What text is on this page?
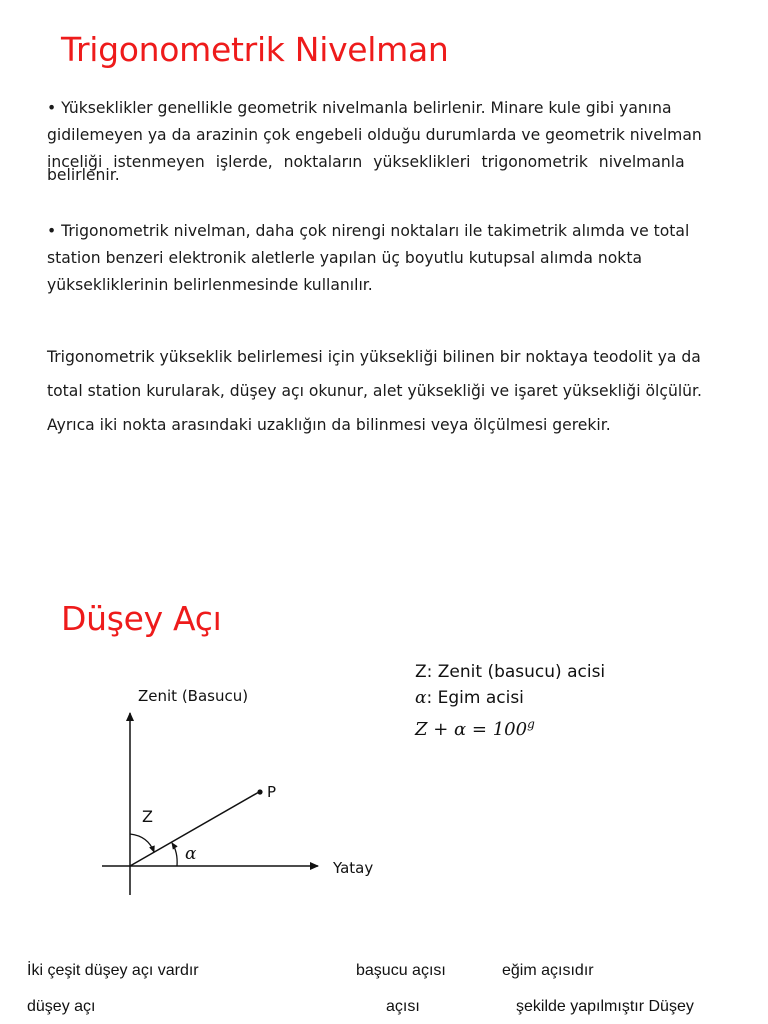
Trigonometrik Nivelman
• Yükseklikler genellikle geometrik nivelmanla belirlenir. Minare kule gibi yanına
gidilemeyen ya da arazinin çok engebeli olduğu durumlarda ve geometrik nivelman
inceliği istenmeyen işlerde, noktaların yükseklikleri trigonometrik nivelmanla
belirlenir.
• Trigonometrik nivelman, daha çok nirengi noktaları ile takimetrik alımda ve total
station benzeri elektronik aletlerle yapılan üç boyutlu kutupsal alımda nokta
yüksekliklerinin belirlenmesinde kullanılır.
Trigonometrik yükseklik belirlemesi için yüksekliği bilinen bir noktaya teodolit ya da
total station kurularak, düşey açı okunur, alet yüksekliği ve işaret yüksekliği ölçülür.
Ayrıca iki nokta arasındaki uzaklığın da bilinmesi veya ölçülmesi gerekir.
Düşey Açı
Z: Zenit (basucu) acisi
α: Egim acisi
$Z + \alpha = 100^g$
Zenit (Basucu)
Yatay
P
Z
α
İki çeşit düşey açı vardır	başucu açısı	eğim açısıdır
düşey açı	açısı	şekilde yapılmıştır Düşey
